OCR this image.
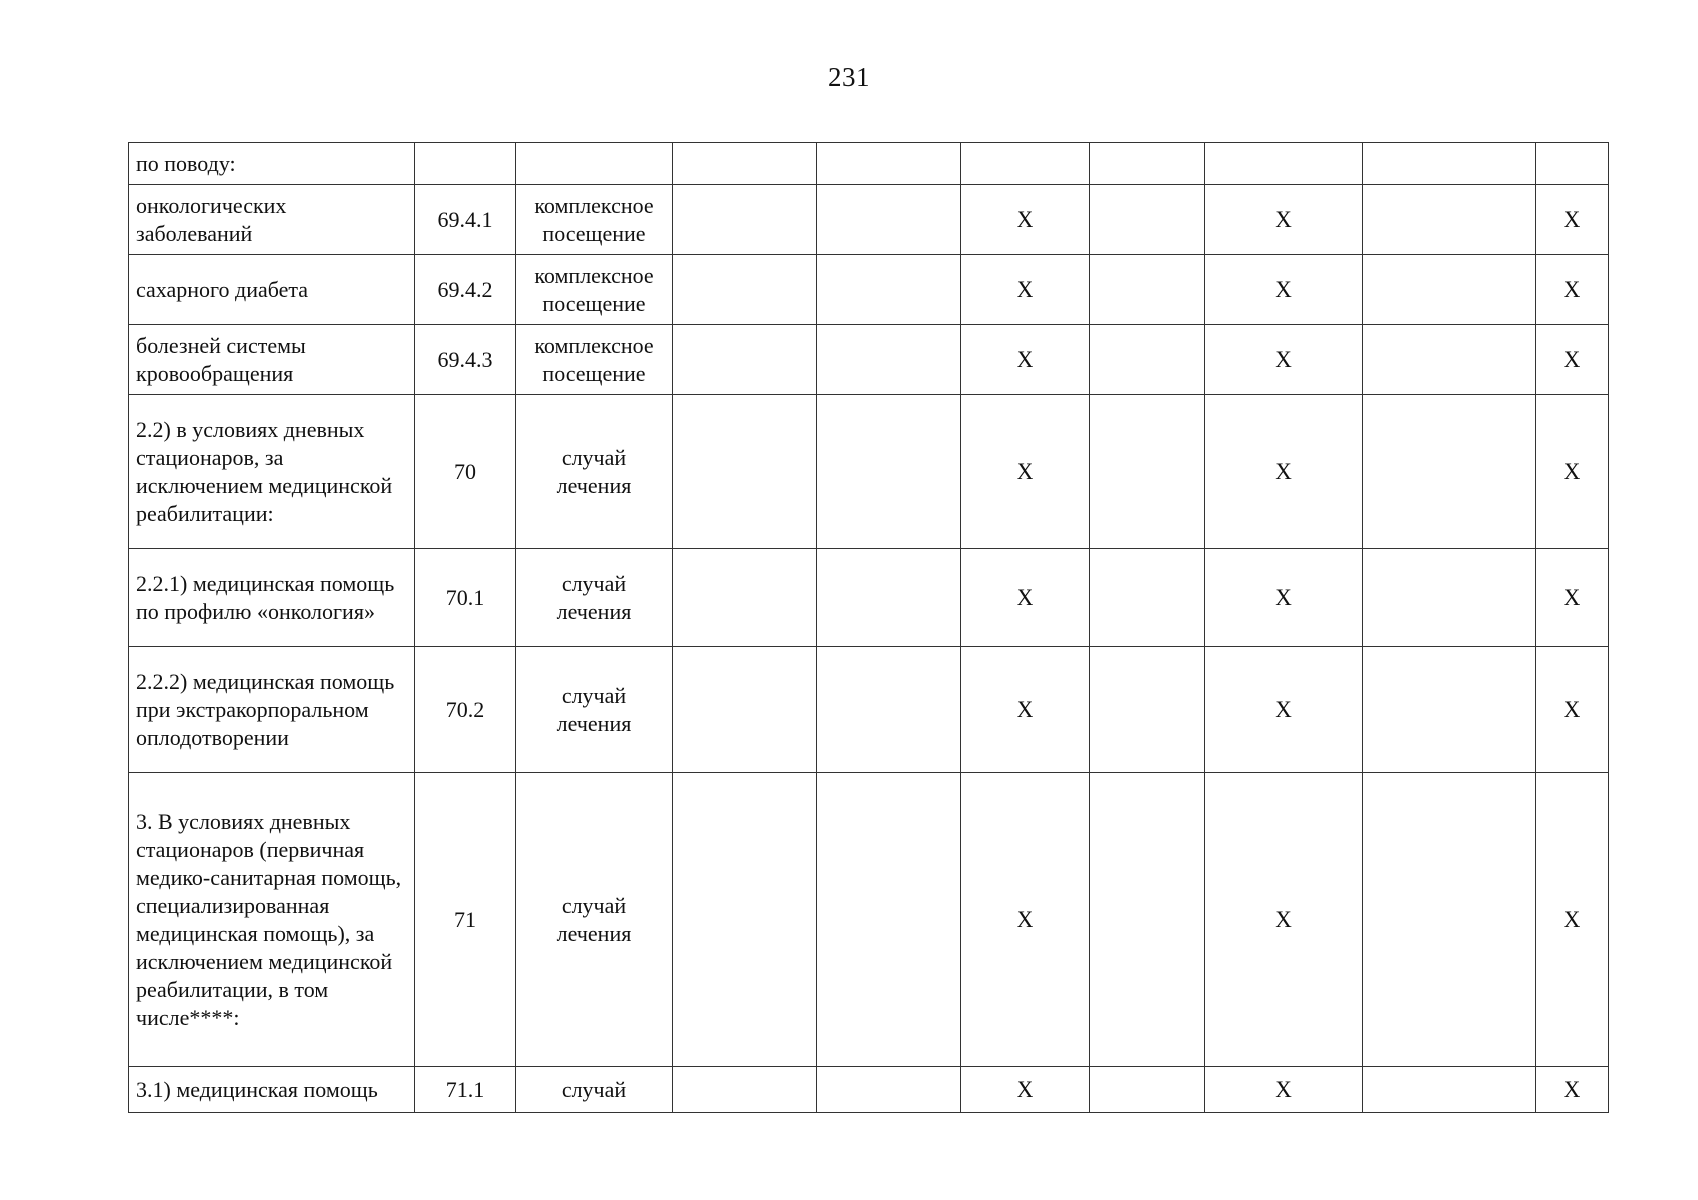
231
по поводу:									
онкологических заболеваний	69.4.1	комплексное посещение			X		X		X
сахарного диабета	69.4.2	комплексное посещение			X		X		X
болезней системы кровообращения	69.4.3	комплексное посещение			X		X		X
2.2) в условиях дневных стационаров, за исключением медицинской реабилитации:	70	случай лечения			X		X		X
2.2.1) медицинская помощь по профилю «онкология»	70.1	случай лечения			X		X		X
2.2.2) медицинская помощь при экстракорпоральном оплодотворении	70.2	случай лечения			X		X		X
3. В условиях дневных стационаров (первичная медико-санитарная помощь, специализированная медицинская помощь), за исключением медицинской реабилитации, в том числе****:	71	случай лечения			X		X		X
3.1) медицинская помощь	71.1	случай			X		X		X
